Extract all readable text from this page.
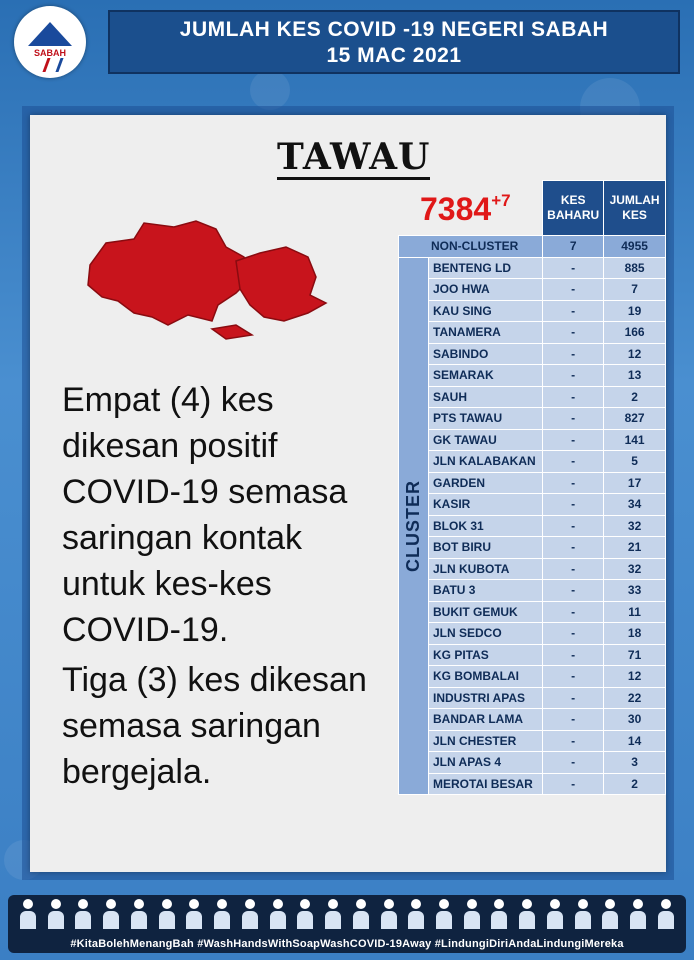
SABAH
JUMLAH KES COVID -19 NEGERI SABAH
15 MAC 2021
TAWAU
$7384^{+7}$

Empat (4) kes dikesan positif COVID-19 semasa saringan kontak untuk kes-kes COVID-19.

Tiga (3) kes dikesan semasa saringan bergejala.

		KES BAHARU	JUMLAH KES
NON-CLUSTER		7	4955

CLUSTER	BENTENG LD	-	885
	JOO HWA	-	7
	KAU SING	-	19
	TANAMERA	-	166
	SABINDO	-	12
	SEMARAK	-	13
	SAUH	-	2
	PTS TAWAU	-	827
	GK TAWAU	-	141
	JLN KALABAKAN	-	5
	GARDEN	-	17
	KASIR	-	34
	BLOK 31	-	32
	BOT BIRU	-	21
	JLN KUBOTA	-	32
	BATU 3	-	33
	BUKIT GEMUK	-	11
	JLN SEDCO	-	18
	KG PITAS	-	71
	KG BOMBALAI	-	12
	INDUSTRI APAS	-	22
	BANDAR LAMA	-	30
	JLN CHESTER	-	14
	JLN APAS 4	-	3
	MEROTAI BESAR	-	2
#KitaBolehMenangBah #WashHandsWithSoapWashCOVID-19Away #LindungiDiriAndaLindungiMereka
